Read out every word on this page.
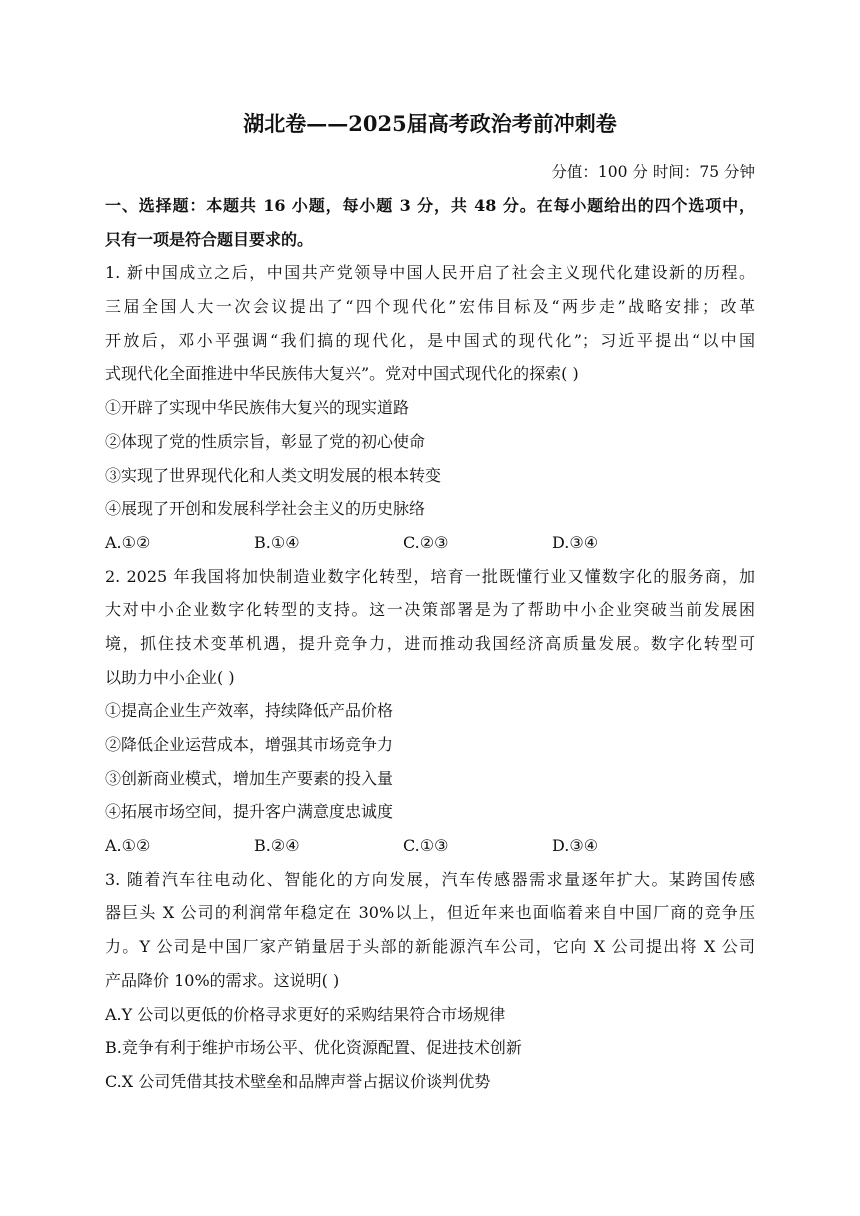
湖北卷——2025届高考政治考前冲刺卷
分值：100 分 时间：75 分钟
一、选择题：本题共 16 小题，每小题 3 分，共 48 分。在每小题给出的四个选项中，
只有一项是符合题目要求的。
1. 新中国成立之后，中国共产党领导中国人民开启了社会主义现代化建设新的历程。
三届全国人大一次会议提出了“四个现代化”宏伟目标及“两步走”战略安排；改革
开放后，邓小平强调“我们搞的现代化，是中国式的现代化”；习近平提出“以中国
式现代化全面推进中华民族伟大复兴”。党对中国式现代化的探索( )
①开辟了实现中华民族伟大复兴的现实道路
②体现了党的性质宗旨，彰显了党的初心使命
③实现了世界现代化和人类文明发展的根本转变
④展现了开创和发展科学社会主义的历史脉络
A.①②	B.①④	C.②③	D.③④
2. 2025 年我国将加快制造业数字化转型，培育一批既懂行业又懂数字化的服务商，加
大对中小企业数字化转型的支持。这一决策部署是为了帮助中小企业突破当前发展困
境，抓住技术变革机遇，提升竞争力，进而推动我国经济高质量发展。数字化转型可
以助力中小企业( )
①提高企业生产效率，持续降低产品价格
②降低企业运营成本，增强其市场竞争力
③创新商业模式，增加生产要素的投入量
④拓展市场空间，提升客户满意度忠诚度
A.①②	B.②④	C.①③	D.③④
3. 随着汽车往电动化、智能化的方向发展，汽车传感器需求量逐年扩大。某跨国传感
器巨头 X 公司的利润常年稳定在 30%以上，但近年来也面临着来自中国厂商的竞争压
力。Y 公司是中国厂家产销量居于头部的新能源汽车公司，它向 X 公司提出将 X 公司
产品降价 10%的需求。这说明( )
A.Y 公司以更低的价格寻求更好的采购结果符合市场规律
B.竞争有利于维护市场公平、优化资源配置、促进技术创新
C.X 公司凭借其技术壁垒和品牌声誉占据议价谈判优势
